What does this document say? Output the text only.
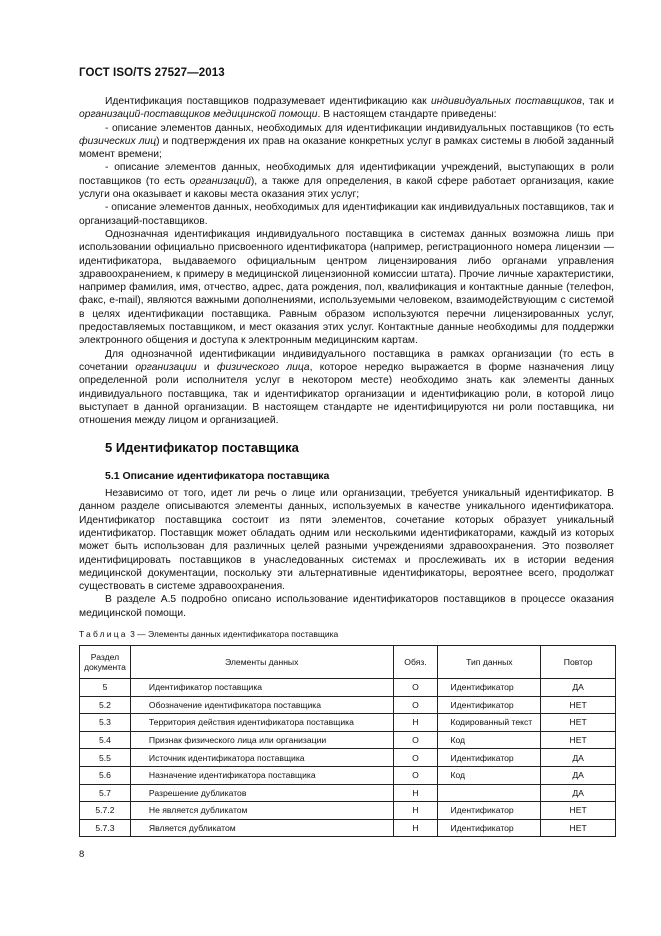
ГОСТ ISO/TS 27527—2013

Идентификация поставщиков подразумевает идентификацию как индивидуальных поставщиков, так и организаций-поставщиков медицинской помощи. В настоящем стандарте приведены:

- описание элементов данных, необходимых для идентификации индивидуальных поставщиков (то есть физических лиц) и подтверждения их прав на оказание конкретных услуг в рамках системы в любой заданный момент времени;

- описание элементов данных, необходимых для идентификации учреждений, выступающих в роли поставщиков (то есть организаций), а также для определения, в какой сфере работает организация, какие услуги она оказывает и каковы места оказания этих услуг;

- описание элементов данных, необходимых для идентификации как индивидуальных поставщиков, так и организаций-поставщиков.

Однозначная идентификация индивидуального поставщика в системах данных возможна лишь при использовании официально присвоенного идентификатора (например, регистрационного номера лицензии — идентификатора, выдаваемого официальным центром лицензирования либо органами управления здравоохранением, к примеру в медицинской лицензионной комиссии штата). Прочие личные характеристики, например фамилия, имя, отчество, адрес, дата рождения, пол, квалификация и контактные данные (телефон, факс, e-mail), являются важными дополнениями, используемыми человеком, взаимодействующим с системой в целях идентификации поставщика. Равным образом используются перечни лицензированных услуг, предоставляемых поставщиком, и мест оказания этих услуг. Контактные данные необходимы для поддержки электронного общения и доступа к электронным медицинским картам.

Для однозначной идентификации индивидуального поставщика в рамках организации (то есть в сочетании организации и физического лица, которое нередко выражается в форме назначения лицу определенной роли исполнителя услуг в некотором месте) необходимо знать как элементы данных индивидуального поставщика, так и идентификатор организации и идентификацию роли, в которой лицо выступает в данной организации. В настоящем стандарте не идентифицируются ни роли поставщика, ни отношения между лицом и организацией.

5 Идентификатор поставщика
5.1 Описание идентификатора поставщика

Независимо от того, идет ли речь о лице или организации, требуется уникальный идентификатор. В данном разделе описываются элементы данных, используемых в качестве уникального идентификатора. Идентификатор поставщика состоит из пяти элементов, сочетание которых образует уникальный идентификатор. Поставщик может обладать одним или несколькими идентификаторами, каждый из которых может быть использован для различных целей разными учреждениями здравоохранения. Это позволяет идентифицировать поставщиков в унаследованных системах и прослеживать их в истории ведения медицинской документации, поскольку эти альтернативные идентификаторы, вероятнее всего, продолжат существовать в системе здравоохранения.

В разделе А.5 подробно описано использование идентификаторов поставщиков в процессе оказания медицинской помощи.

Таблица 3 — Элементы данных идентификатора поставщика
Раздел документа	Элементы данных	Обяз.	Тип данных	Повтор
5	Идентификатор поставщика	О	Идентификатор	ДА
5.2	Обозначение идентификатора поставщика	О	Идентификатор	НЕТ
5.3	Территория действия идентификатора поставщика	Н	Кодированный текст	НЕТ
5.4	Признак физического лица или организации	О	Код	НЕТ
5.5	Источник идентификатора поставщика	О	Идентификатор	ДА
5.6	Назначение идентификатора поставщика	О	Код	ДА
5.7	Разрешение дубликатов	Н		ДА
5.7.2	Не является дубликатом	Н	Идентификатор	НЕТ
5.7.3	Является дубликатом	Н	Идентификатор	НЕТ
8
